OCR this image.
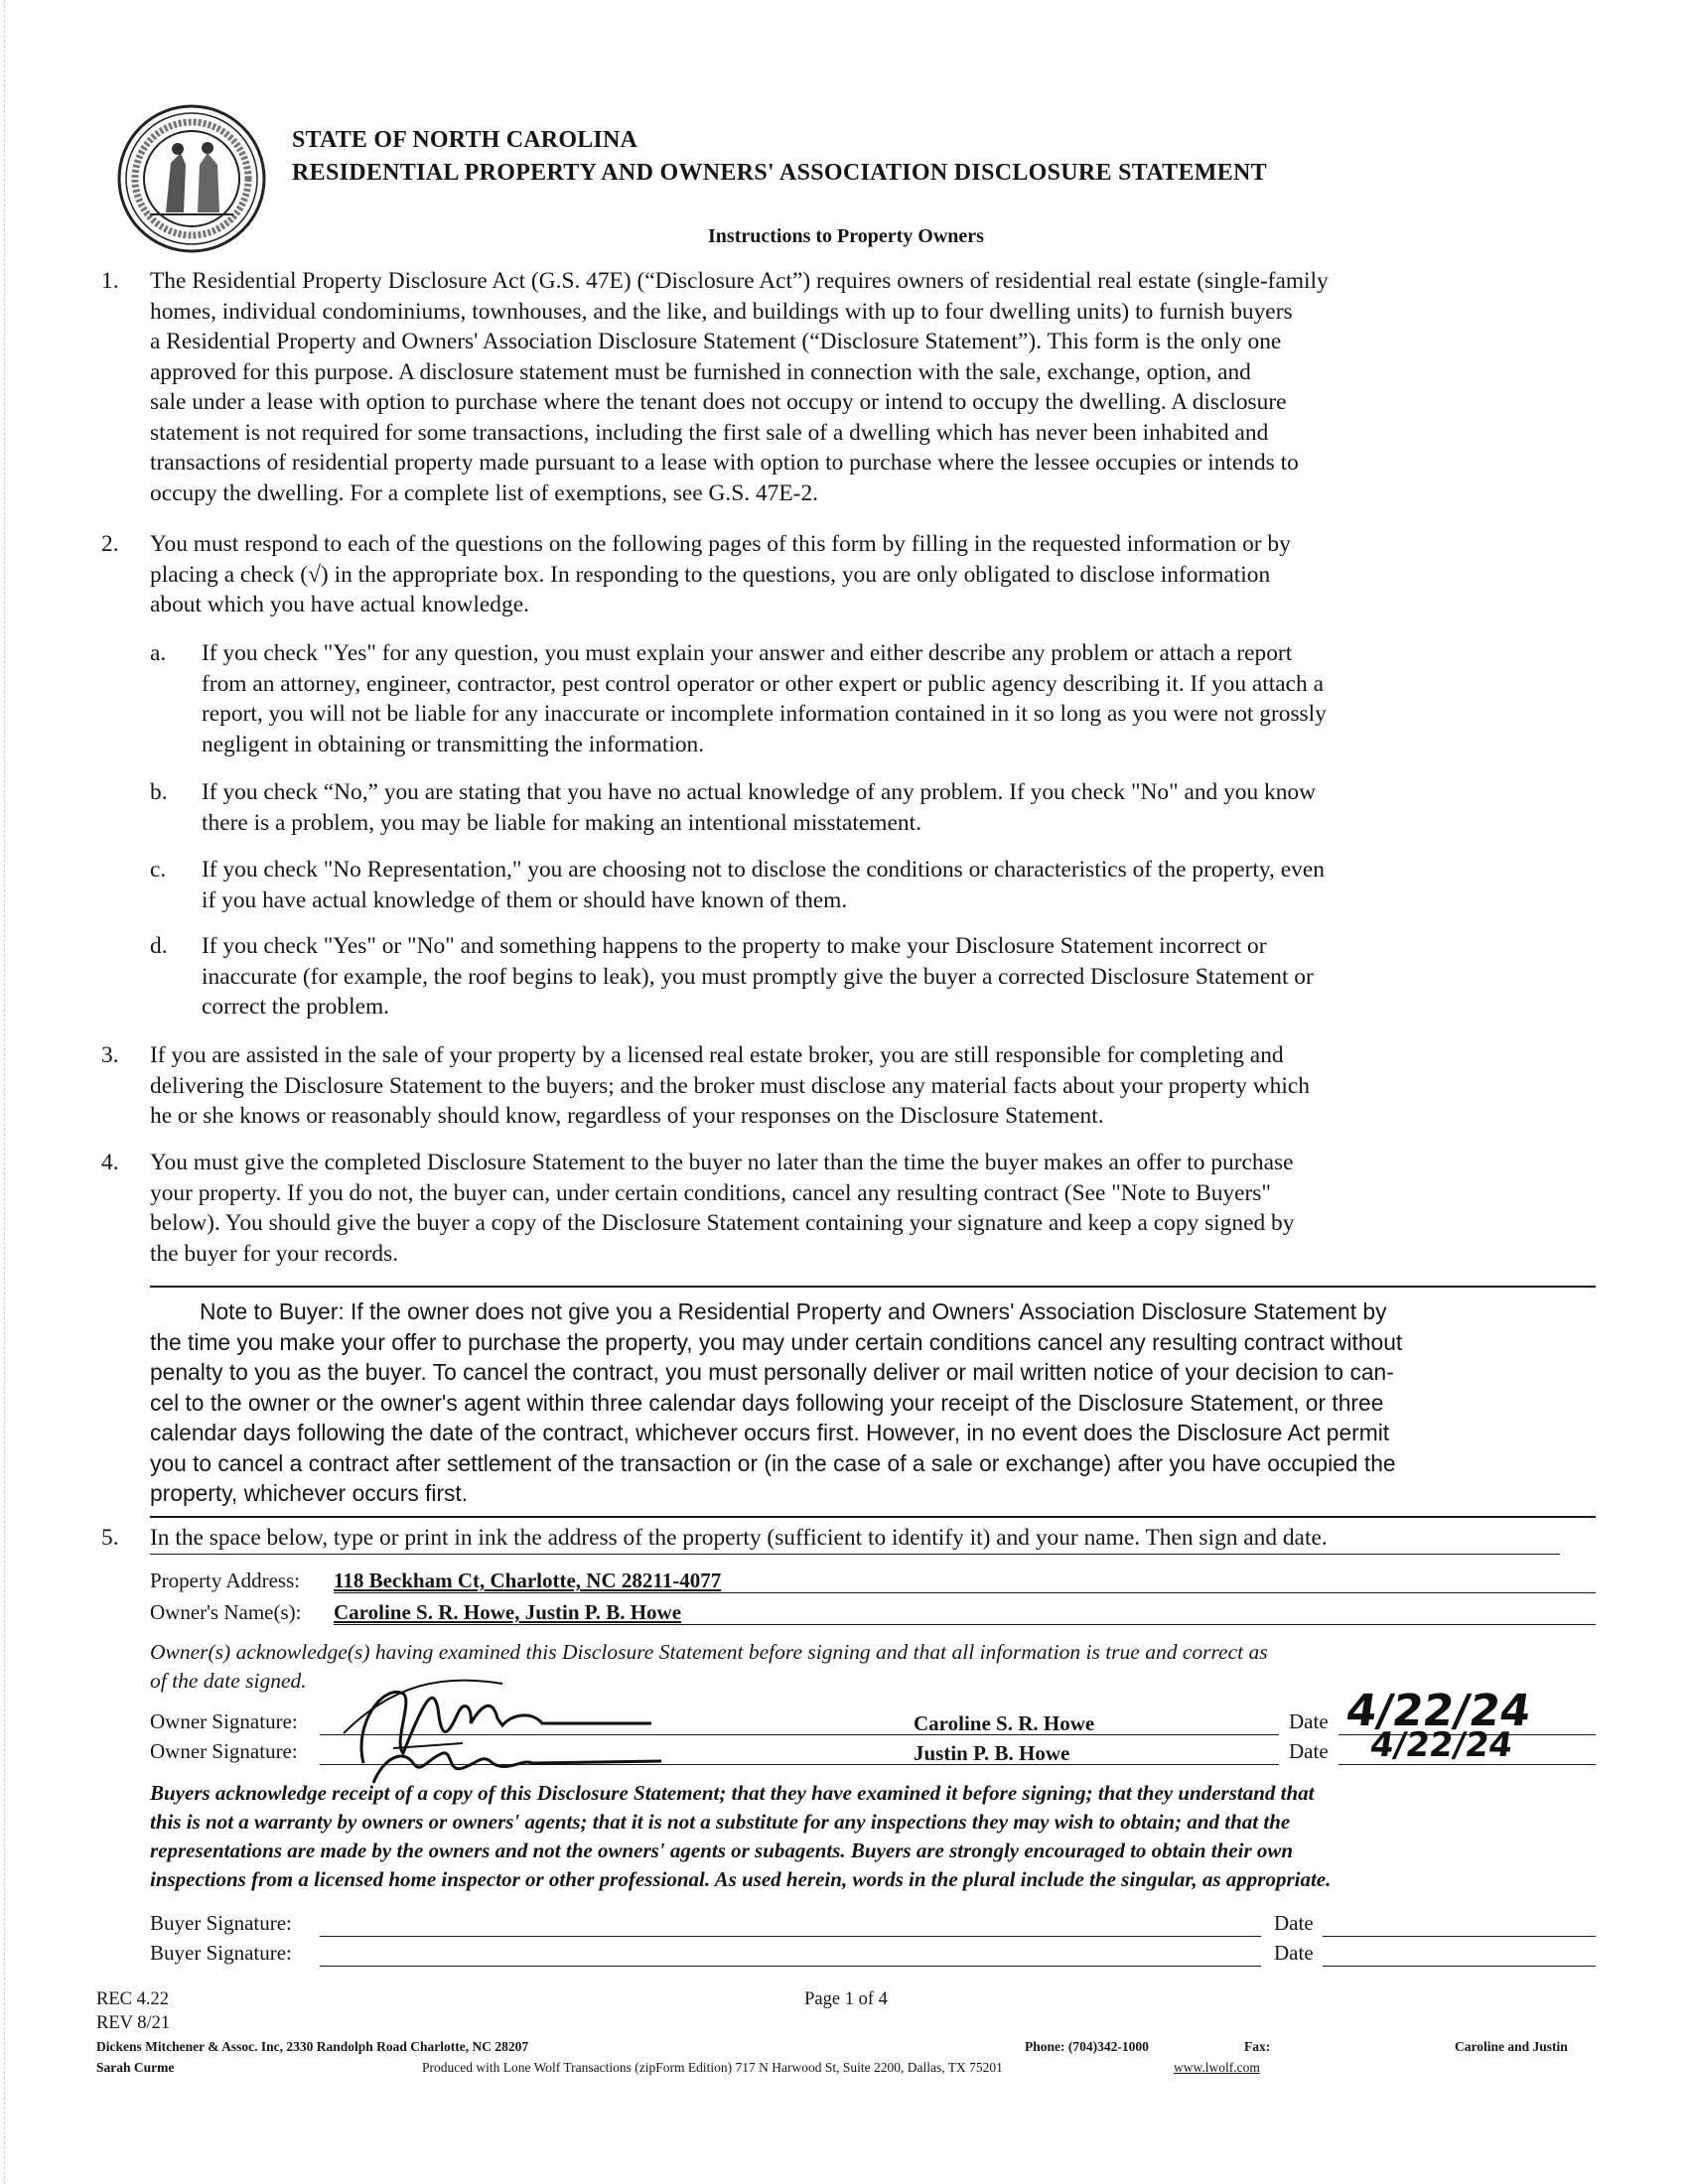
STATE OF NORTH CAROLINA
RESIDENTIAL PROPERTY AND OWNERS' ASSOCIATION DISCLOSURE STATEMENT
Instructions to Property Owners
1. The Residential Property Disclosure Act (G.S. 47E) (“Disclosure Act”) requires owners of residential real estate (single-family
homes, individual condominiums, townhouses, and the like, and buildings with up to four dwelling units) to furnish buyers
a Residential Property and Owners' Association Disclosure Statement (“Disclosure Statement”). This form is the only one
approved for this purpose. A disclosure statement must be furnished in connection with the sale, exchange, option, and
sale under a lease with option to purchase where the tenant does not occupy or intend to occupy the dwelling. A disclosure
statement is not required for some transactions, including the first sale of a dwelling which has never been inhabited and
transactions of residential property made pursuant to a lease with option to purchase where the lessee occupies or intends to
occupy the dwelling. For a complete list of exemptions, see G.S. 47E-2.
2. You must respond to each of the questions on the following pages of this form by filling in the requested information or by
placing a check (√) in the appropriate box. In responding to the questions, you are only obligated to disclose information
about which you have actual knowledge.
a. If you check "Yes" for any question, you must explain your answer and either describe any problem or attach a report
from an attorney, engineer, contractor, pest control operator or other expert or public agency describing it. If you attach a
report, you will not be liable for any inaccurate or incomplete information contained in it so long as you were not grossly
negligent in obtaining or transmitting the information.
b. If you check “No,” you are stating that you have no actual knowledge of any problem. If you check "No" and you know
there is a problem, you may be liable for making an intentional misstatement.
c. If you check "No Representation," you are choosing not to disclose the conditions or characteristics of the property, even
if you have actual knowledge of them or should have known of them.
d. If you check "Yes" or "No" and something happens to the property to make your Disclosure Statement incorrect or
inaccurate (for example, the roof begins to leak), you must promptly give the buyer a corrected Disclosure Statement or
correct the problem.
3. If you are assisted in the sale of your property by a licensed real estate broker, you are still responsible for completing and
delivering the Disclosure Statement to the buyers; and the broker must disclose any material facts about your property which
he or she knows or reasonably should know, regardless of your responses on the Disclosure Statement.
4. You must give the completed Disclosure Statement to the buyer no later than the time the buyer makes an offer to purchase
your property. If you do not, the buyer can, under certain conditions, cancel any resulting contract (See "Note to Buyers"
below). You should give the buyer a copy of the Disclosure Statement containing your signature and keep a copy signed by
the buyer for your records.
Note to Buyer: If the owner does not give you a Residential Property and Owners' Association Disclosure Statement by
the time you make your offer to purchase the property, you may under certain conditions cancel any resulting contract without
penalty to you as the buyer. To cancel the contract, you must personally deliver or mail written notice of your decision to can-
cel to the owner or the owner's agent within three calendar days following your receipt of the Disclosure Statement, or three
calendar days following the date of the contract, whichever occurs first. However, in no event does the Disclosure Act permit
you to cancel a contract after settlement of the transaction or (in the case of a sale or exchange) after you have occupied the
property, whichever occurs first.
5. In the space below, type or print in ink the address of the property (sufficient to identify it) and your name. Then sign and date.
Property Address: 118 Beckham Ct, Charlotte, NC 28211-4077
Owner's Name(s): Caroline S. R. Howe, Justin P. B. Howe
Owner(s) acknowledge(s) having examined this Disclosure Statement before signing and that all information is true and correct as
of the date signed.
Owner Signature:	Caroline S. R. Howe	Date 4/22/24
Owner Signature:	Justin P. B. Howe	Date 4/22/24
Buyers acknowledge receipt of a copy of this Disclosure Statement; that they have examined it before signing; that they understand that
this is not a warranty by owners or owners' agents; that it is not a substitute for any inspections they may wish to obtain; and that the
representations are made by the owners and not the owners' agents or subagents. Buyers are strongly encouraged to obtain their own
inspections from a licensed home inspector or other professional. As used herein, words in the plural include the singular, as appropriate.
Buyer Signature:	Date
Buyer Signature:	Date
REC 4.22
REV 8/21
Page 1 of 4
Dickens Mitchener & Assoc. Inc, 2330 Randolph Road Charlotte, NC 28207	Phone: (704)342-1000	Fax:	Caroline and Justin
Sarah Curme	Produced with Lone Wolf Transactions (zipForm Edition) 717 N Harwood St, Suite 2200, Dallas, TX 75201	www.lwolf.com
